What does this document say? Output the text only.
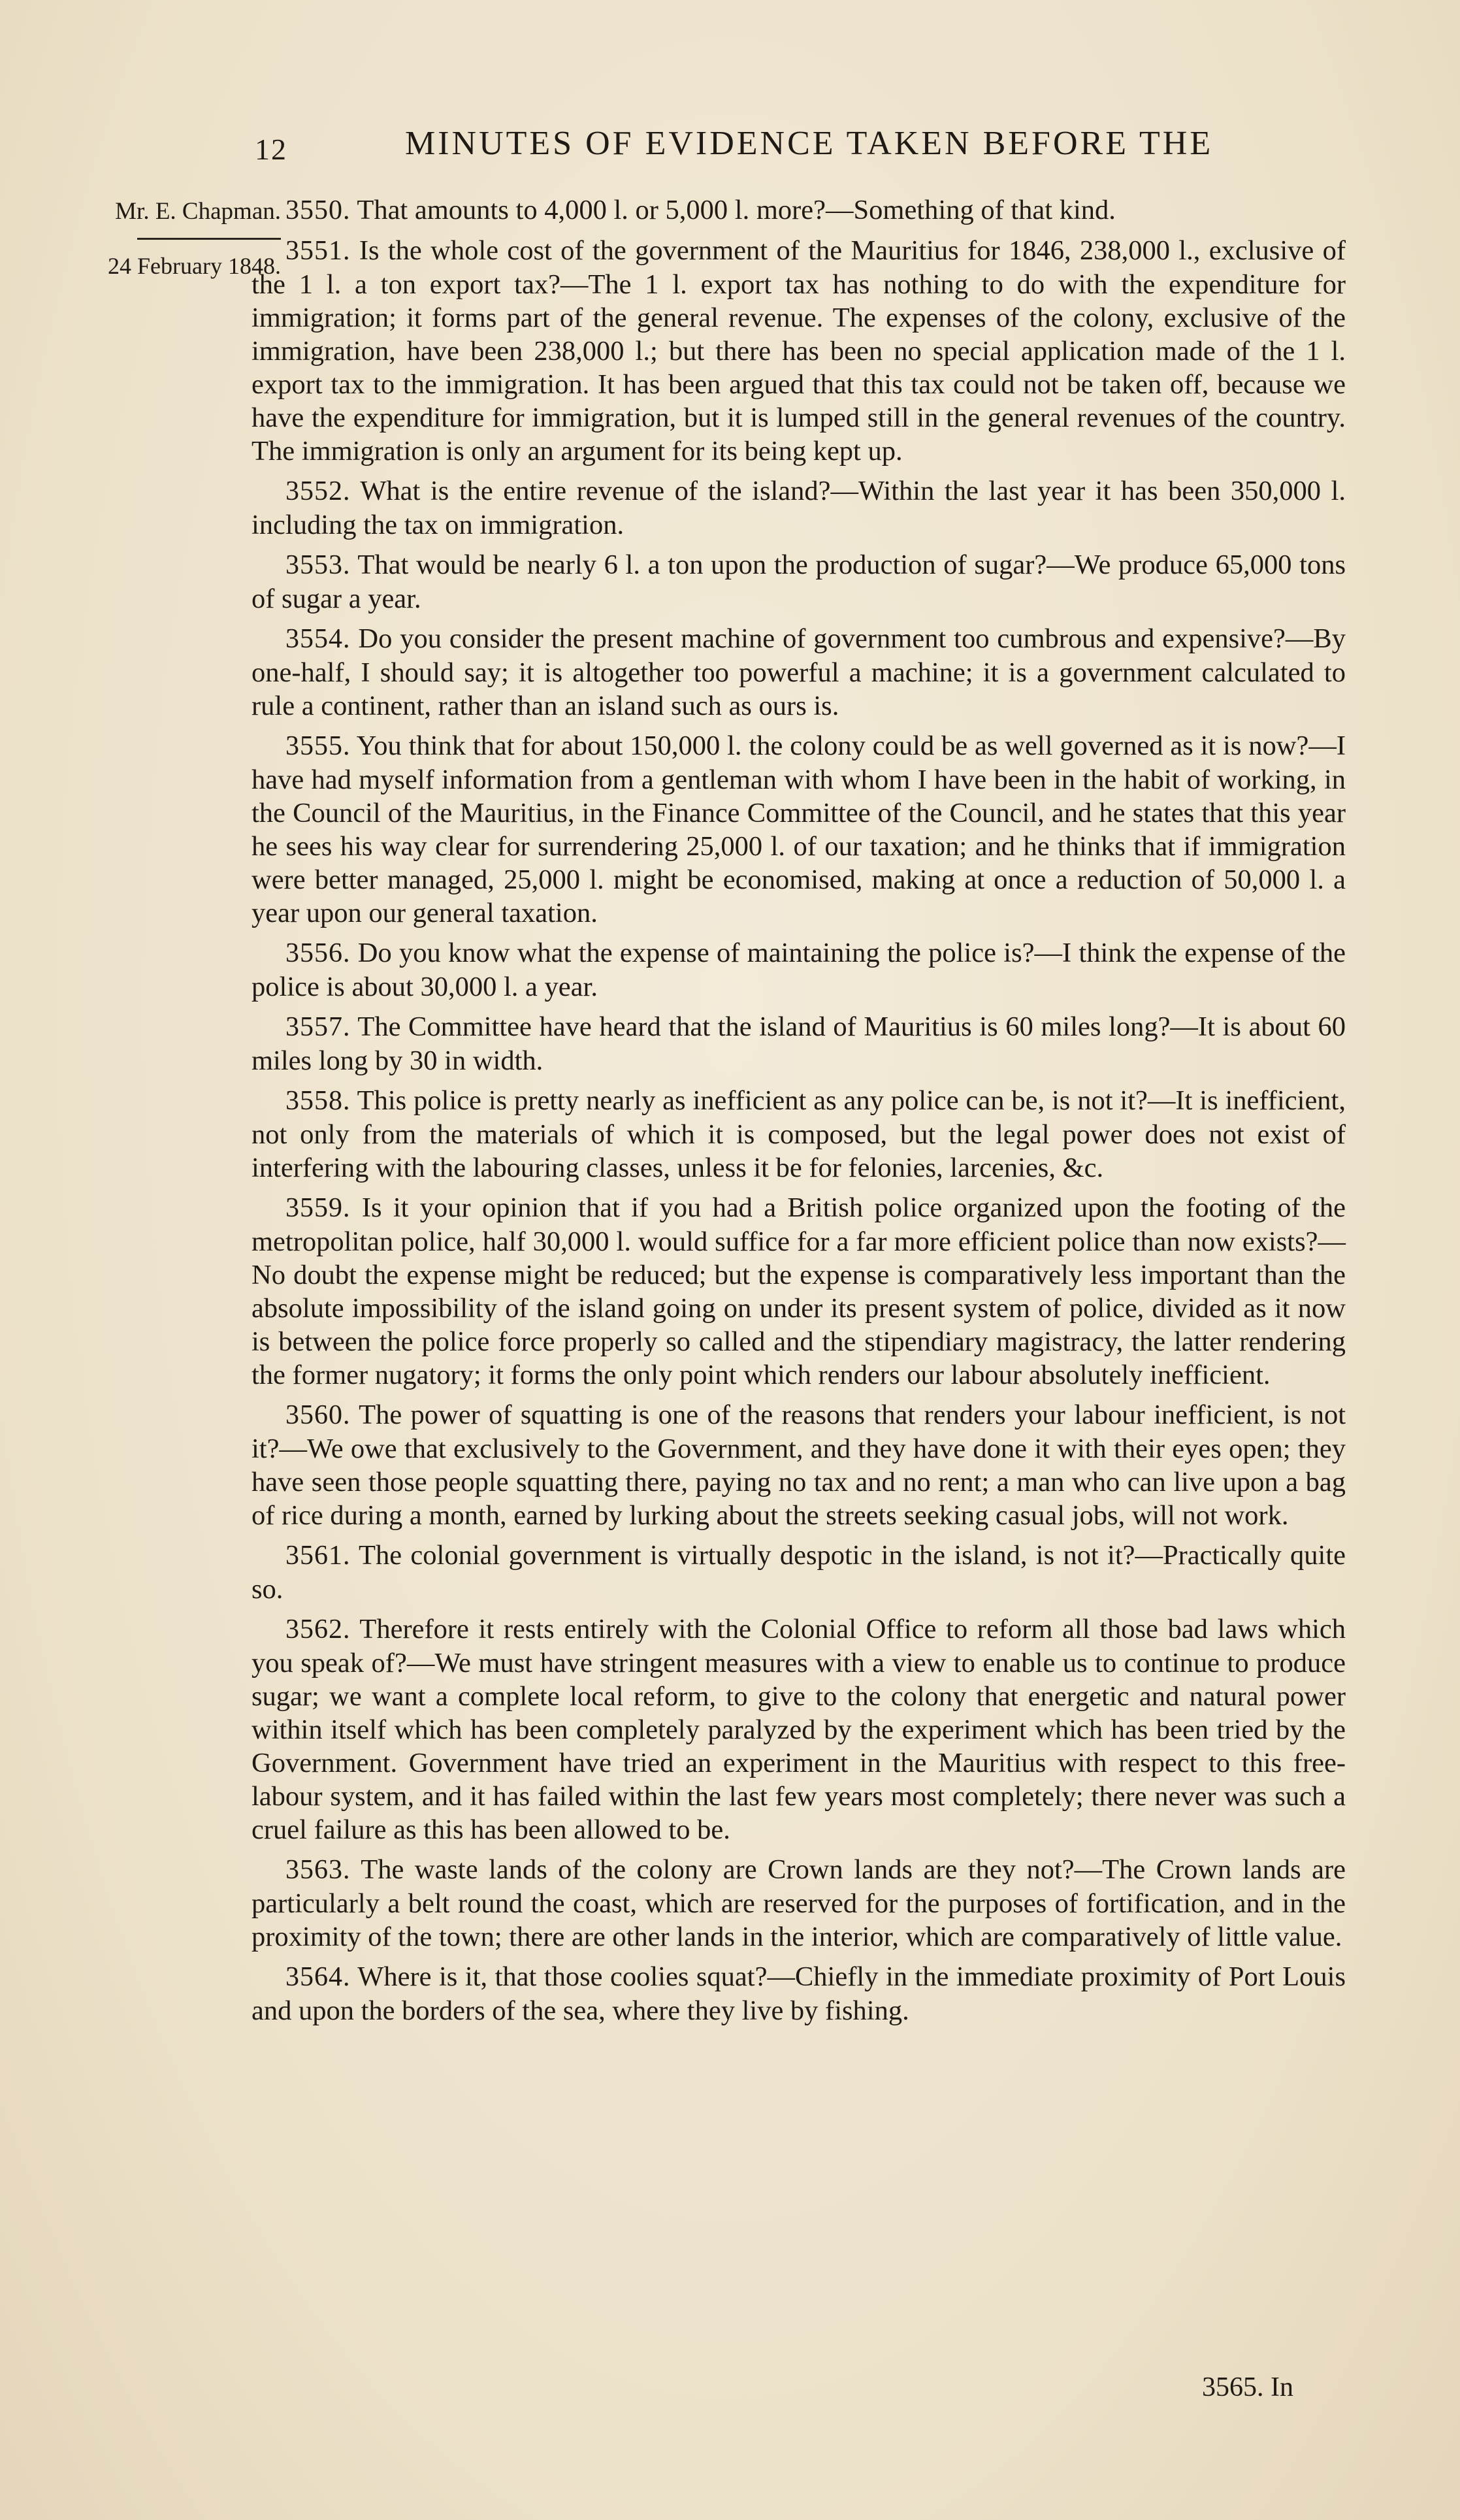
12	MINUTES OF EVIDENCE TAKEN BEFORE THE
Mr. E. Chapman.
24 February 1848.

3550. That amounts to 4,000 l. or 5,000 l. more?—Something of that kind.

3551. Is the whole cost of the government of the Mauritius for 1846, 238,000 l., exclusive of the 1 l. a ton export tax?—The 1 l. export tax has nothing to do with the expenditure for immigration; it forms part of the general revenue. The expenses of the colony, exclusive of the immigration, have been 238,000 l.; but there has been no special application made of the 1 l. export tax to the immigration. It has been argued that this tax could not be taken off, because we have the expenditure for immigration, but it is lumped still in the general revenues of the country. The immigration is only an argument for its being kept up.

3552. What is the entire revenue of the island?—Within the last year it has been 350,000 l. including the tax on immigration.

3553. That would be nearly 6 l. a ton upon the production of sugar?—We produce 65,000 tons of sugar a year.

3554. Do you consider the present machine of government too cumbrous and expensive?—By one-half, I should say; it is altogether too powerful a machine; it is a government calculated to rule a continent, rather than an island such as ours is.

3555. You think that for about 150,000 l. the colony could be as well governed as it is now?—I have had myself information from a gentleman with whom I have been in the habit of working, in the Council of the Mauritius, in the Finance Committee of the Council, and he states that this year he sees his way clear for surrendering 25,000 l. of our taxation; and he thinks that if immigration were better managed, 25,000 l. might be economised, making at once a reduction of 50,000 l. a year upon our general taxation.

3556. Do you know what the expense of maintaining the police is?—I think the expense of the police is about 30,000 l. a year.

3557. The Committee have heard that the island of Mauritius is 60 miles long?—It is about 60 miles long by 30 in width.

3558. This police is pretty nearly as inefficient as any police can be, is not it?—It is inefficient, not only from the materials of which it is composed, but the legal power does not exist of interfering with the labouring classes, unless it be for felonies, larcenies, &c.

3559. Is it your opinion that if you had a British police organized upon the footing of the metropolitan police, half 30,000 l. would suffice for a far more efficient police than now exists?—No doubt the expense might be reduced; but the expense is comparatively less important than the absolute impossibility of the island going on under its present system of police, divided as it now is between the police force properly so called and the stipendiary magistracy, the latter rendering the former nugatory; it forms the only point which renders our labour absolutely inefficient.

3560. The power of squatting is one of the reasons that renders your labour inefficient, is not it?—We owe that exclusively to the Government, and they have done it with their eyes open; they have seen those people squatting there, paying no tax and no rent; a man who can live upon a bag of rice during a month, earned by lurking about the streets seeking casual jobs, will not work.

3561. The colonial government is virtually despotic in the island, is not it?—Practically quite so.

3562. Therefore it rests entirely with the Colonial Office to reform all those bad laws which you speak of?—We must have stringent measures with a view to enable us to continue to produce sugar; we want a complete local reform, to give to the colony that energetic and natural power within itself which has been completely paralyzed by the experiment which has been tried by the Government. Government have tried an experiment in the Mauritius with respect to this free-labour system, and it has failed within the last few years most completely; there never was such a cruel failure as this has been allowed to be.

3563. The waste lands of the colony are Crown lands are they not?—The Crown lands are particularly a belt round the coast, which are reserved for the purposes of fortification, and in the proximity of the town; there are other lands in the interior, which are comparatively of little value.

3564. Where is it, that those coolies squat?—Chiefly in the immediate proximity of Port Louis and upon the borders of the sea, where they live by fishing.

3565. In
